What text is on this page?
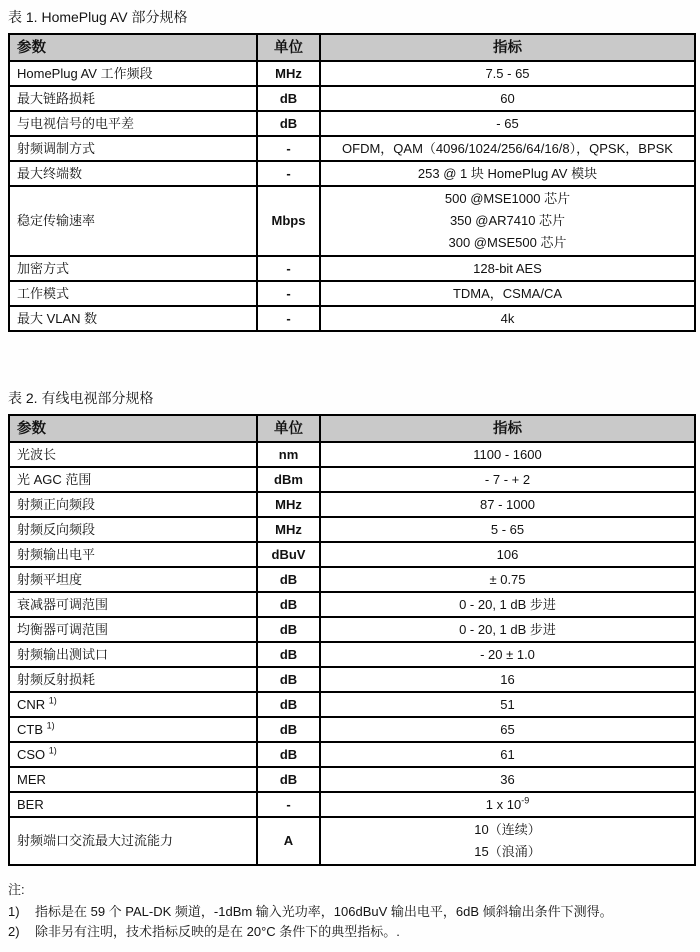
表 1. HomePlug AV 部分规格
参数	单位	指标
HomePlug AV 工作频段	MHz	7.5 - 65
最大链路损耗	dB	60
与电视信号的电平差	dB	- 65
射频调制方式	-	OFDM，QAM（4096/1024/256/64/16/8），QPSK，BPSK
最大终端数	-	253 @ 1 块 HomePlug AV 模块
稳定传输速率	Mbps	500 @MSE1000 芯片
350 @AR7410 芯片
300 @MSE500 芯片

加密方式	-	128-bit AES
工作模式	-	TDMA，CSMA/CA
最大 VLAN 数	-	4k
表 2. 有线电视部分规格
参数	单位	指标
光波长	nm	1100 - 1600
光 AGC 范围	dBm	- 7 - + 2
射频正向频段	MHz	87 - 1000
射频反向频段	MHz	5 - 65
射频输出电平	dBuV	106
射频平坦度	dB	± 0.75
衰减器可调范围	dB	0 - 20, 1 dB 步进
均衡器可调范围	dB	0 - 20, 1 dB 步进
射频输出测试口	dB	- 20 ± 1.0
射频反射损耗	dB	16
CNR $^{1)}$	dB	51
CTB $^{1)}$	dB	65
CSO $^{1)}$	dB	61
MER	dB	36
BER	-	1 x $10^{-9}$
射频端口交流最大过流能力	A	10（连续）
15（浪涌）
注:
1)	指标是在 59 个 PAL-DK 频道，-1dBm 输入光功率，106dBuV 输出电平，6dB 倾斜输出条件下测得。
2)	除非另有注明，技术指标反映的是在 20°C 条件下的典型指标。.
